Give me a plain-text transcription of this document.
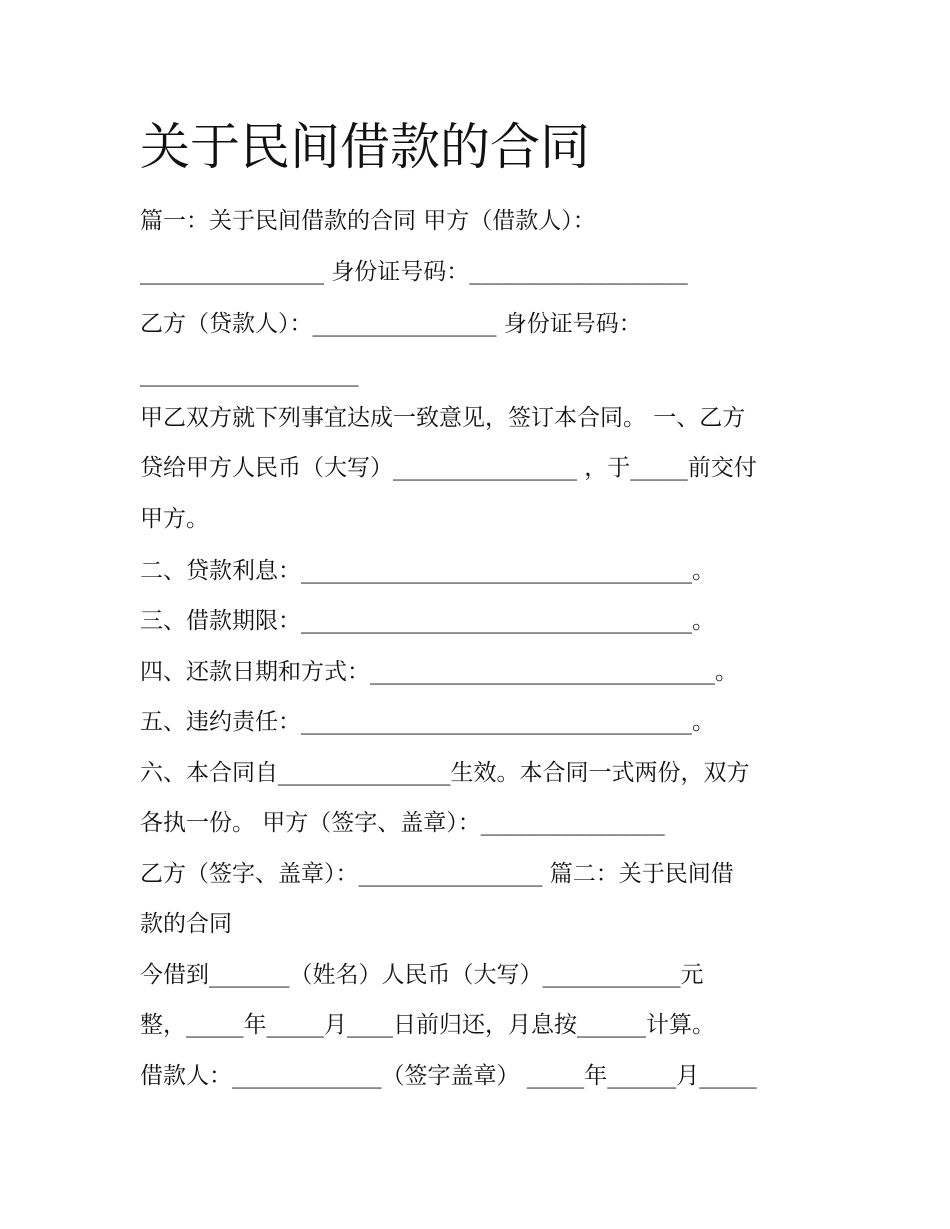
关于民间借款的合同
篇一：关于民间借款的合同 甲方（借款人）：
________________ 身份证号码：___________________
乙方（贷款人）：________________ 身份证号码：
___________________
甲乙双方就下列事宜达成一致意见，签订本合同。 一、乙方
贷给甲方人民币（大写）________________ ，于_____前交付
甲方。
二、贷款利息：__________________________________。
三、借款期限：__________________________________。
四、还款日期和方式：______________________________。
五、违约责任：__________________________________。
六、本合同自_______________生效。本合同一式两份，双方
各执一份。 甲方（签字、盖章）：________________
乙方（签字、盖章）：________________ 篇二：关于民间借
款的合同
今借到_______（姓名）人民币（大写）____________元
整，_____年_____月____日前归还，月息按______计算。
借款人：_____________（签字盖章） _____年______月_____
